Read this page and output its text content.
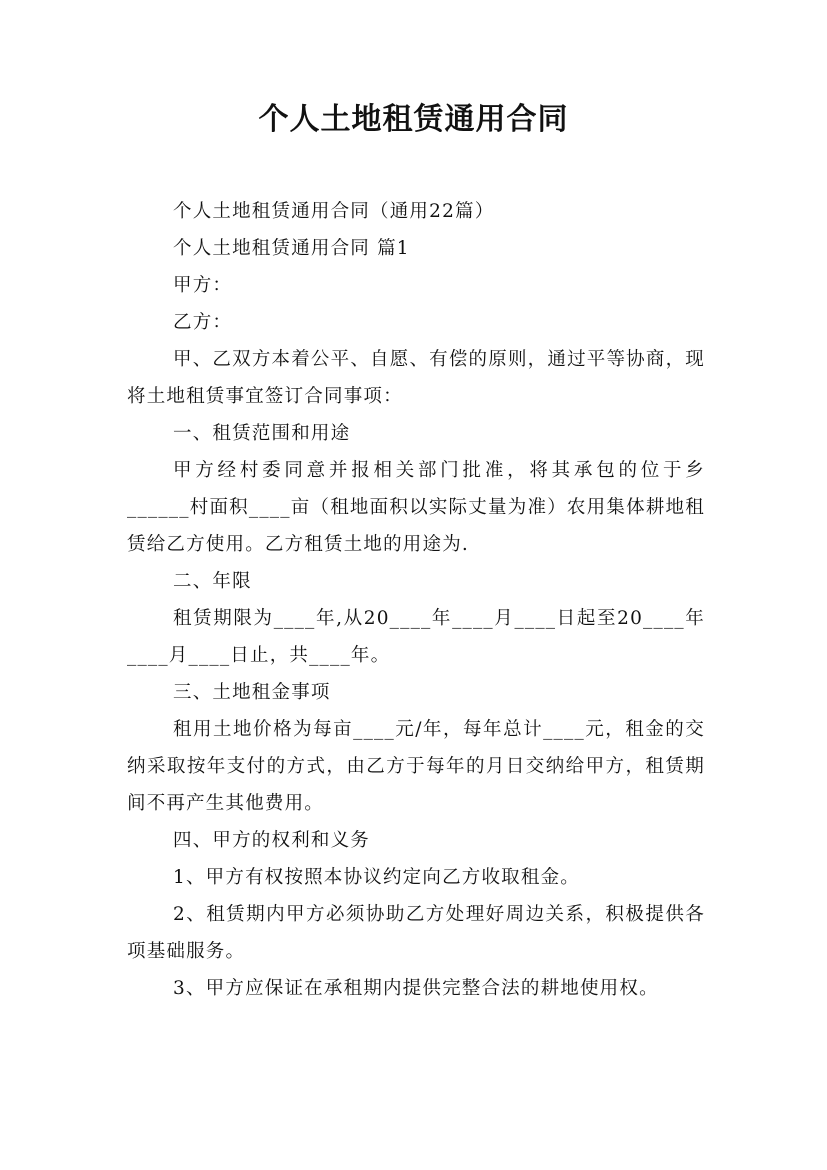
个人土地租赁通用合同

个人土地租赁通用合同（通用22篇）

个人土地租赁通用合同 篇1

甲方：

乙方：

甲、乙双方本着公平、自愿、有偿的原则，通过平等协商，现将土地租赁事宜签订合同事项：

一、租赁范围和用途

甲方经村委同意并报相关部门批准，将其承包的位于乡______村面积____亩（租地面积以实际丈量为准）农用集体耕地租赁给乙方使用。乙方租赁土地的用途为.

二、年限

租赁期限为____年,从20____年____月____日起至20____年____月____日止，共____年。

三、土地租金事项

租用土地价格为每亩____元/年，每年总计____元，租金的交纳采取按年支付的方式，由乙方于每年的月日交纳给甲方，租赁期间不再产生其他费用。

四、甲方的权利和义务

1、甲方有权按照本协议约定向乙方收取租金。

2、租赁期内甲方必须协助乙方处理好周边关系，积极提供各项基础服务。

3、甲方应保证在承租期内提供完整合法的耕地使用权。
